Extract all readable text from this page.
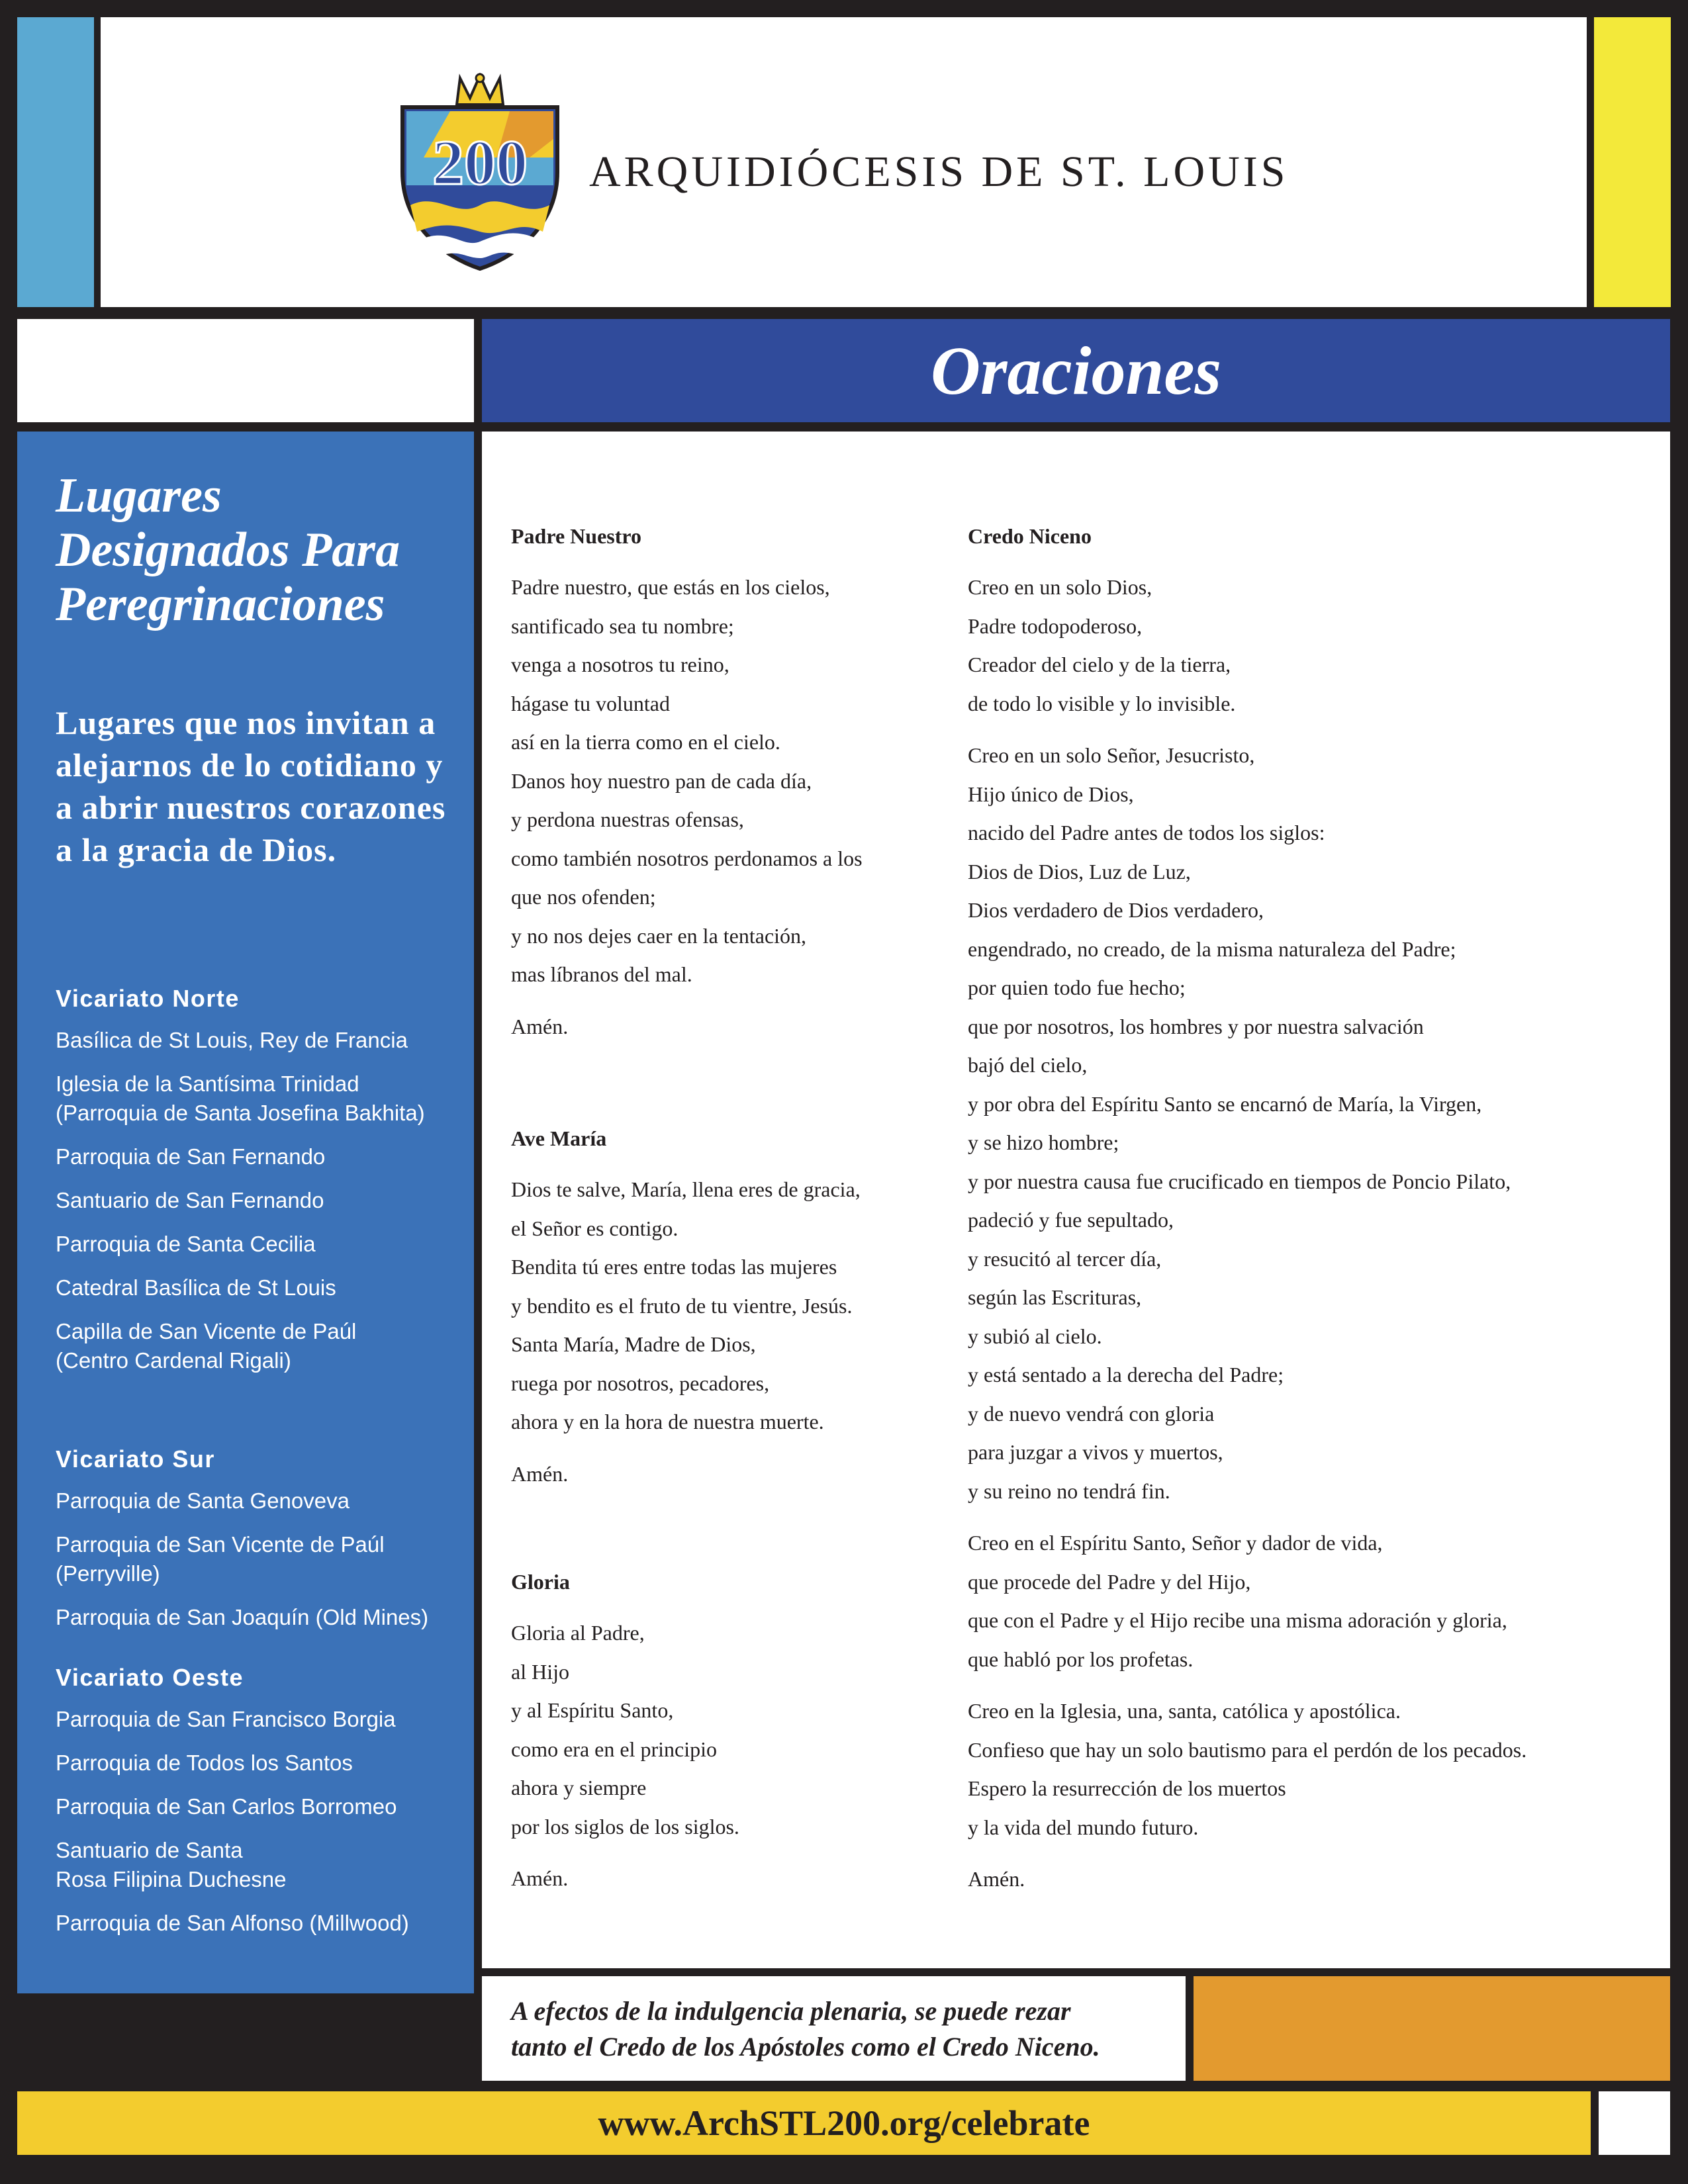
200 ARQUIDIÓCESIS DE ST. LOUIS
Oraciones
Lugares
Designados Para
Peregrinaciones
Lugares que nos invitan a alejarnos de lo cotidiano y a abrir nuestros corazones a la gracia de Dios.
Vicariato Norte
Basílica de St Louis, Rey de Francia
Iglesia de la Santísima Trinidad
(Parroquia de Santa Josefina Bakhita)
Parroquia de San Fernando
Santuario de San Fernando
Parroquia de Santa Cecilia
Catedral Basílica de St Louis
Capilla de San Vicente de Paúl
(Centro Cardenal Rigali)
Vicariato Sur
Parroquia de Santa Genoveva
Parroquia de San Vicente de Paúl
(Perryville)
Parroquia de San Joaquín (Old Mines)
Vicariato Oeste
Parroquia de San Francisco Borgia
Parroquia de Todos los Santos
Parroquia de San Carlos Borromeo
Santuario de Santa
Rosa Filipina Duchesne
Parroquia de San Alfonso (Millwood)
Padre Nuestro
Padre nuestro, que estás en los cielos,
santificado sea tu nombre;
venga a nosotros tu reino,
hágase tu voluntad
así en la tierra como en el cielo.
Danos hoy nuestro pan de cada día,
y perdona nuestras ofensas,
como también nosotros perdonamos a los
que nos ofenden;
y no nos dejes caer en la tentación,
mas líbranos del mal.
Amén.
Ave María
Dios te salve, María, llena eres de gracia,
el Señor es contigo.
Bendita tú eres entre todas las mujeres
y bendito es el fruto de tu vientre, Jesús.
Santa María, Madre de Dios,
ruega por nosotros, pecadores,
ahora y en la hora de nuestra muerte.
Amén.
Gloria
Gloria al Padre,
al Hijo
y al Espíritu Santo,
como era en el principio
ahora y siempre
por los siglos de los siglos.
Amén.
Credo Niceno
Creo en un solo Dios,
Padre todopoderoso,
Creador del cielo y de la tierra,
de todo lo visible y lo invisible.
Creo en un solo Señor, Jesucristo,
Hijo único de Dios,
nacido del Padre antes de todos los siglos:
Dios de Dios, Luz de Luz,
Dios verdadero de Dios verdadero,
engendrado, no creado, de la misma naturaleza del Padre;
por quien todo fue hecho;
que por nosotros, los hombres y por nuestra salvación
bajó del cielo,
y por obra del Espíritu Santo se encarnó de María, la Virgen,
y se hizo hombre;
y por nuestra causa fue crucificado en tiempos de Poncio Pilato,
padeció y fue sepultado,
y resucitó al tercer día,
según las Escrituras,
y subió al cielo.
y está sentado a la derecha del Padre;
y de nuevo vendrá con gloria
para juzgar a vivos y muertos,
y su reino no tendrá fin.
Creo en el Espíritu Santo, Señor y dador de vida,
que procede del Padre y del Hijo,
que con el Padre y el Hijo recibe una misma adoración y gloria,
que habló por los profetas.
Creo en la Iglesia, una, santa, católica y apostólica.
Confieso que hay un solo bautismo para el perdón de los pecados.
Espero la resurrección de los muertos
y la vida del mundo futuro.
Amén.
A efectos de la indulgencia plenaria, se puede rezar
tanto el Credo de los Apóstoles como el Credo Niceno.
www.ArchSTL200.org/celebrate
